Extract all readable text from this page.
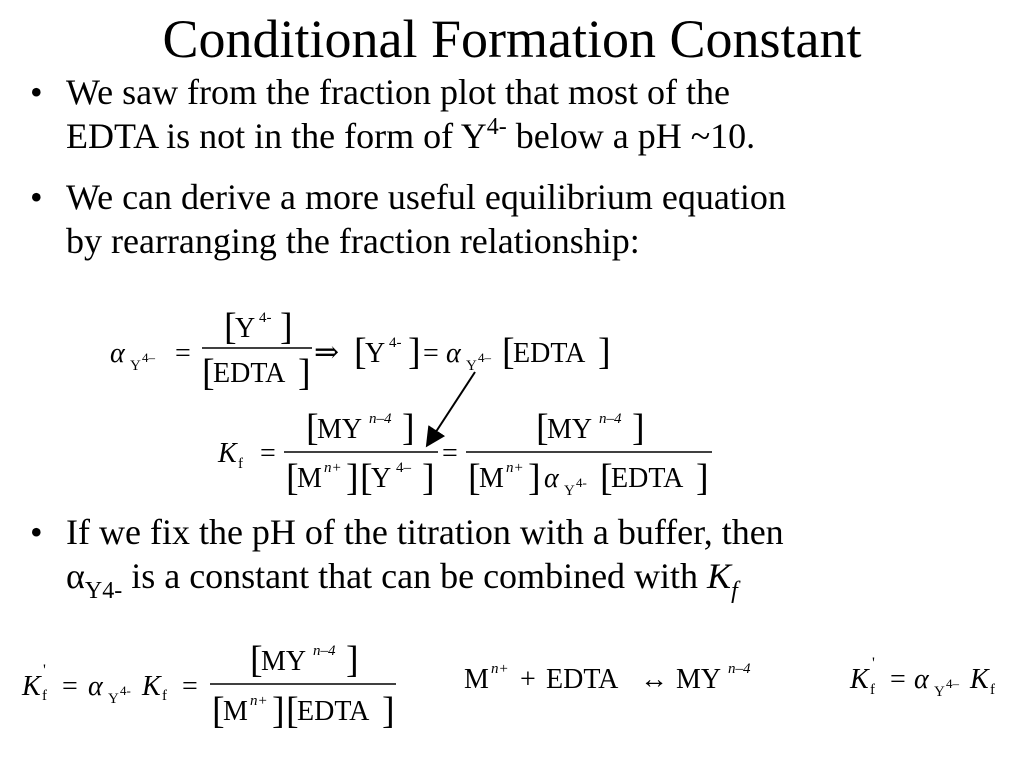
Conditional Formation Constant
• We saw from the fraction plot that most of the
EDTA is not in the form of $Y^{4-}$ below a pH ~10.
• We can derive a more useful equilibrium equation
by rearranging the fraction relationship:
• If we fix the pH of the titration with a buffer, then
$\alpha_{Y4-}$ is a constant that can be combined with $K_f$
α Y
4– =
[
Y 4- ]
[
EDTA ] ⇒ [
Y 4- ] = α Y
4– [
EDTA ]
K f =
[
MY n–4 ]
[
M n+ ] [
Y 4– ]
=
[
MY n–4 ]
[
M n+ ] α Y
4- [
EDTA ]
K f
'
= α Y
4- K f =
[
MY n–4 ]
[
M n+ ] [
EDTA ]
M n+ + EDTA ↔ MY n–4	K f
'
= α Y
4– K f
